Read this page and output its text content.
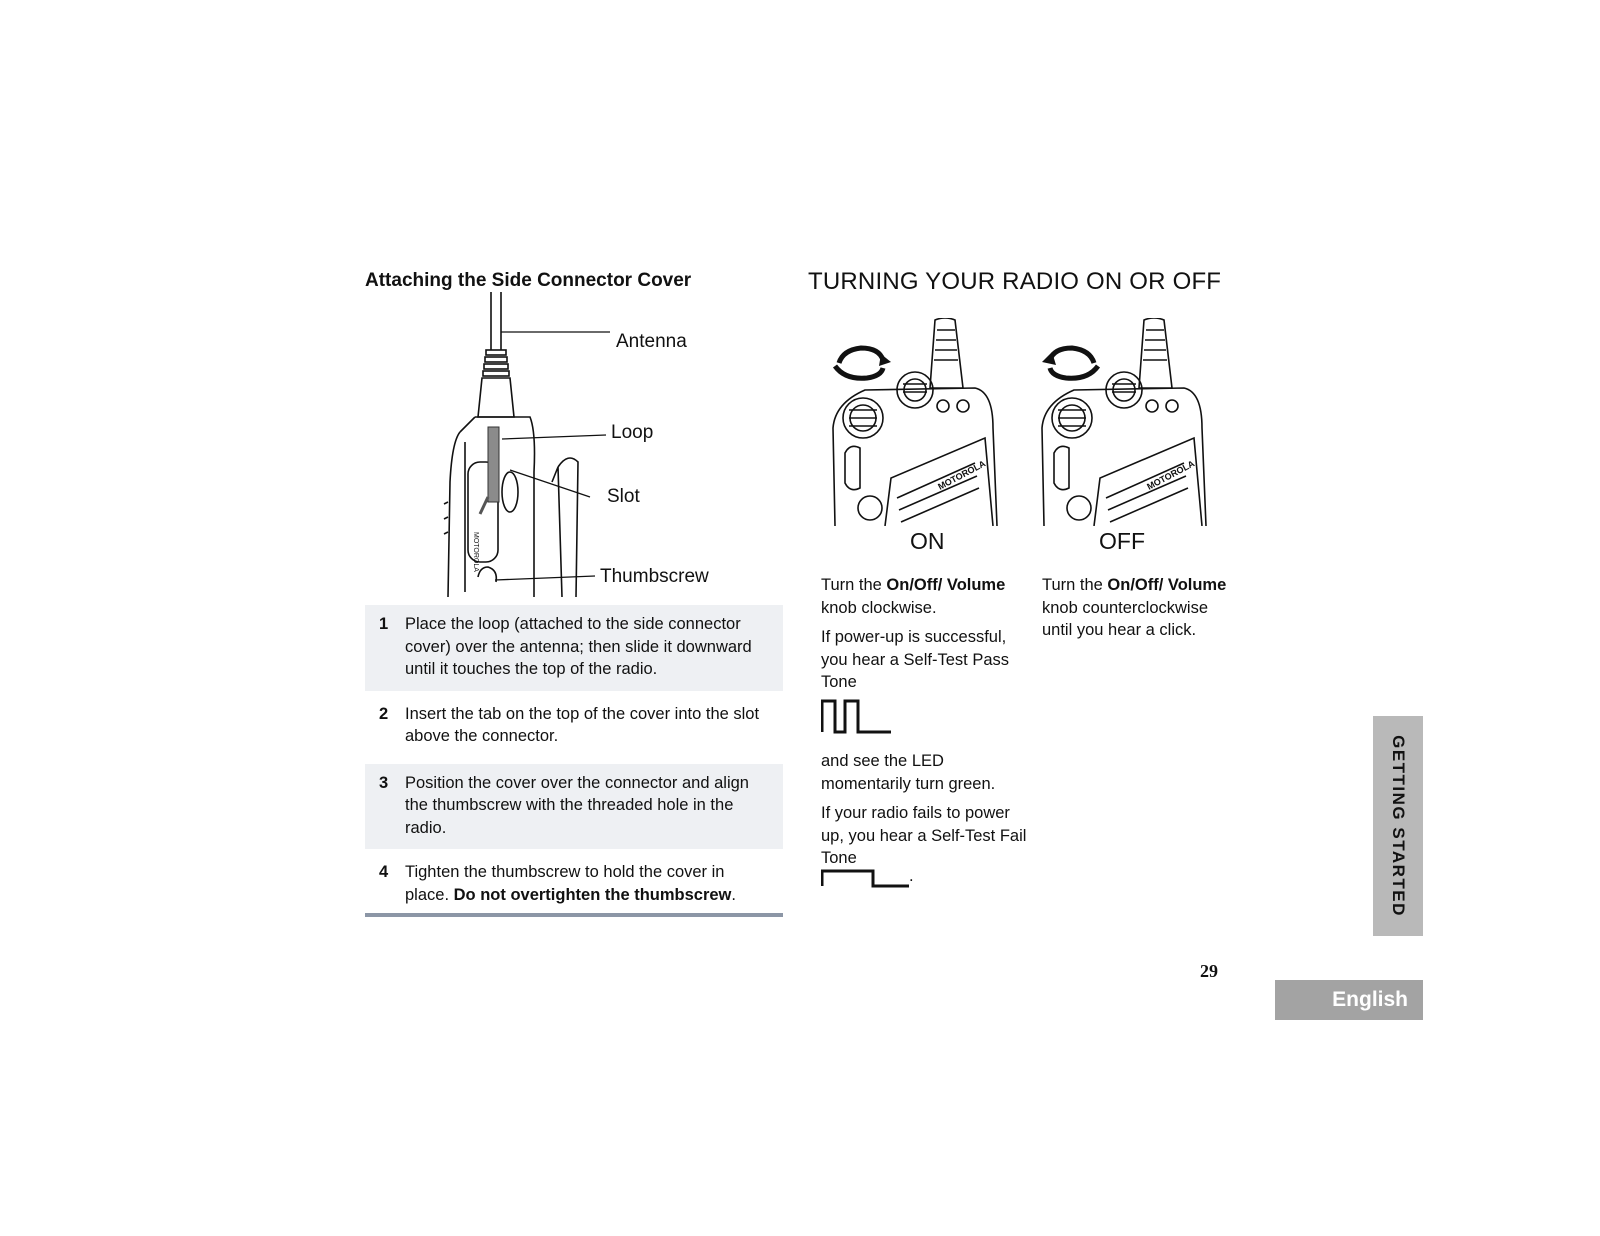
Attaching the Side Connector Cover
MOTOROLA
Antenna
Loop
Slot
Thumbscrew
1	Place the loop (attached to the side connector cover) over the antenna; then slide it downward until it touches the top of the radio.
2	Insert the tab on the top of the cover into the slot above the connector.
3	Position the cover over the connector and align the thumbscrew with the threaded hole in the radio.
4	Tighten the thumbscrew to hold the cover in place. Do not overtighten the thumbscrew.
TURNING YOUR RADIO ON OR OFF
MOTOROLA	MOTOROLA
ON	OFF

Turn the On/Off/ Volume knob clockwise.

If power-up is successful, you hear a Self-Test Pass Tone

and see the LED momentarily turn green.

If your radio fails to power up, you hear a Self-Test Fail Tone

.

Turn the On/Off/ Volume knob counterclockwise until you hear a click.

GETTING STARTED
29
English
